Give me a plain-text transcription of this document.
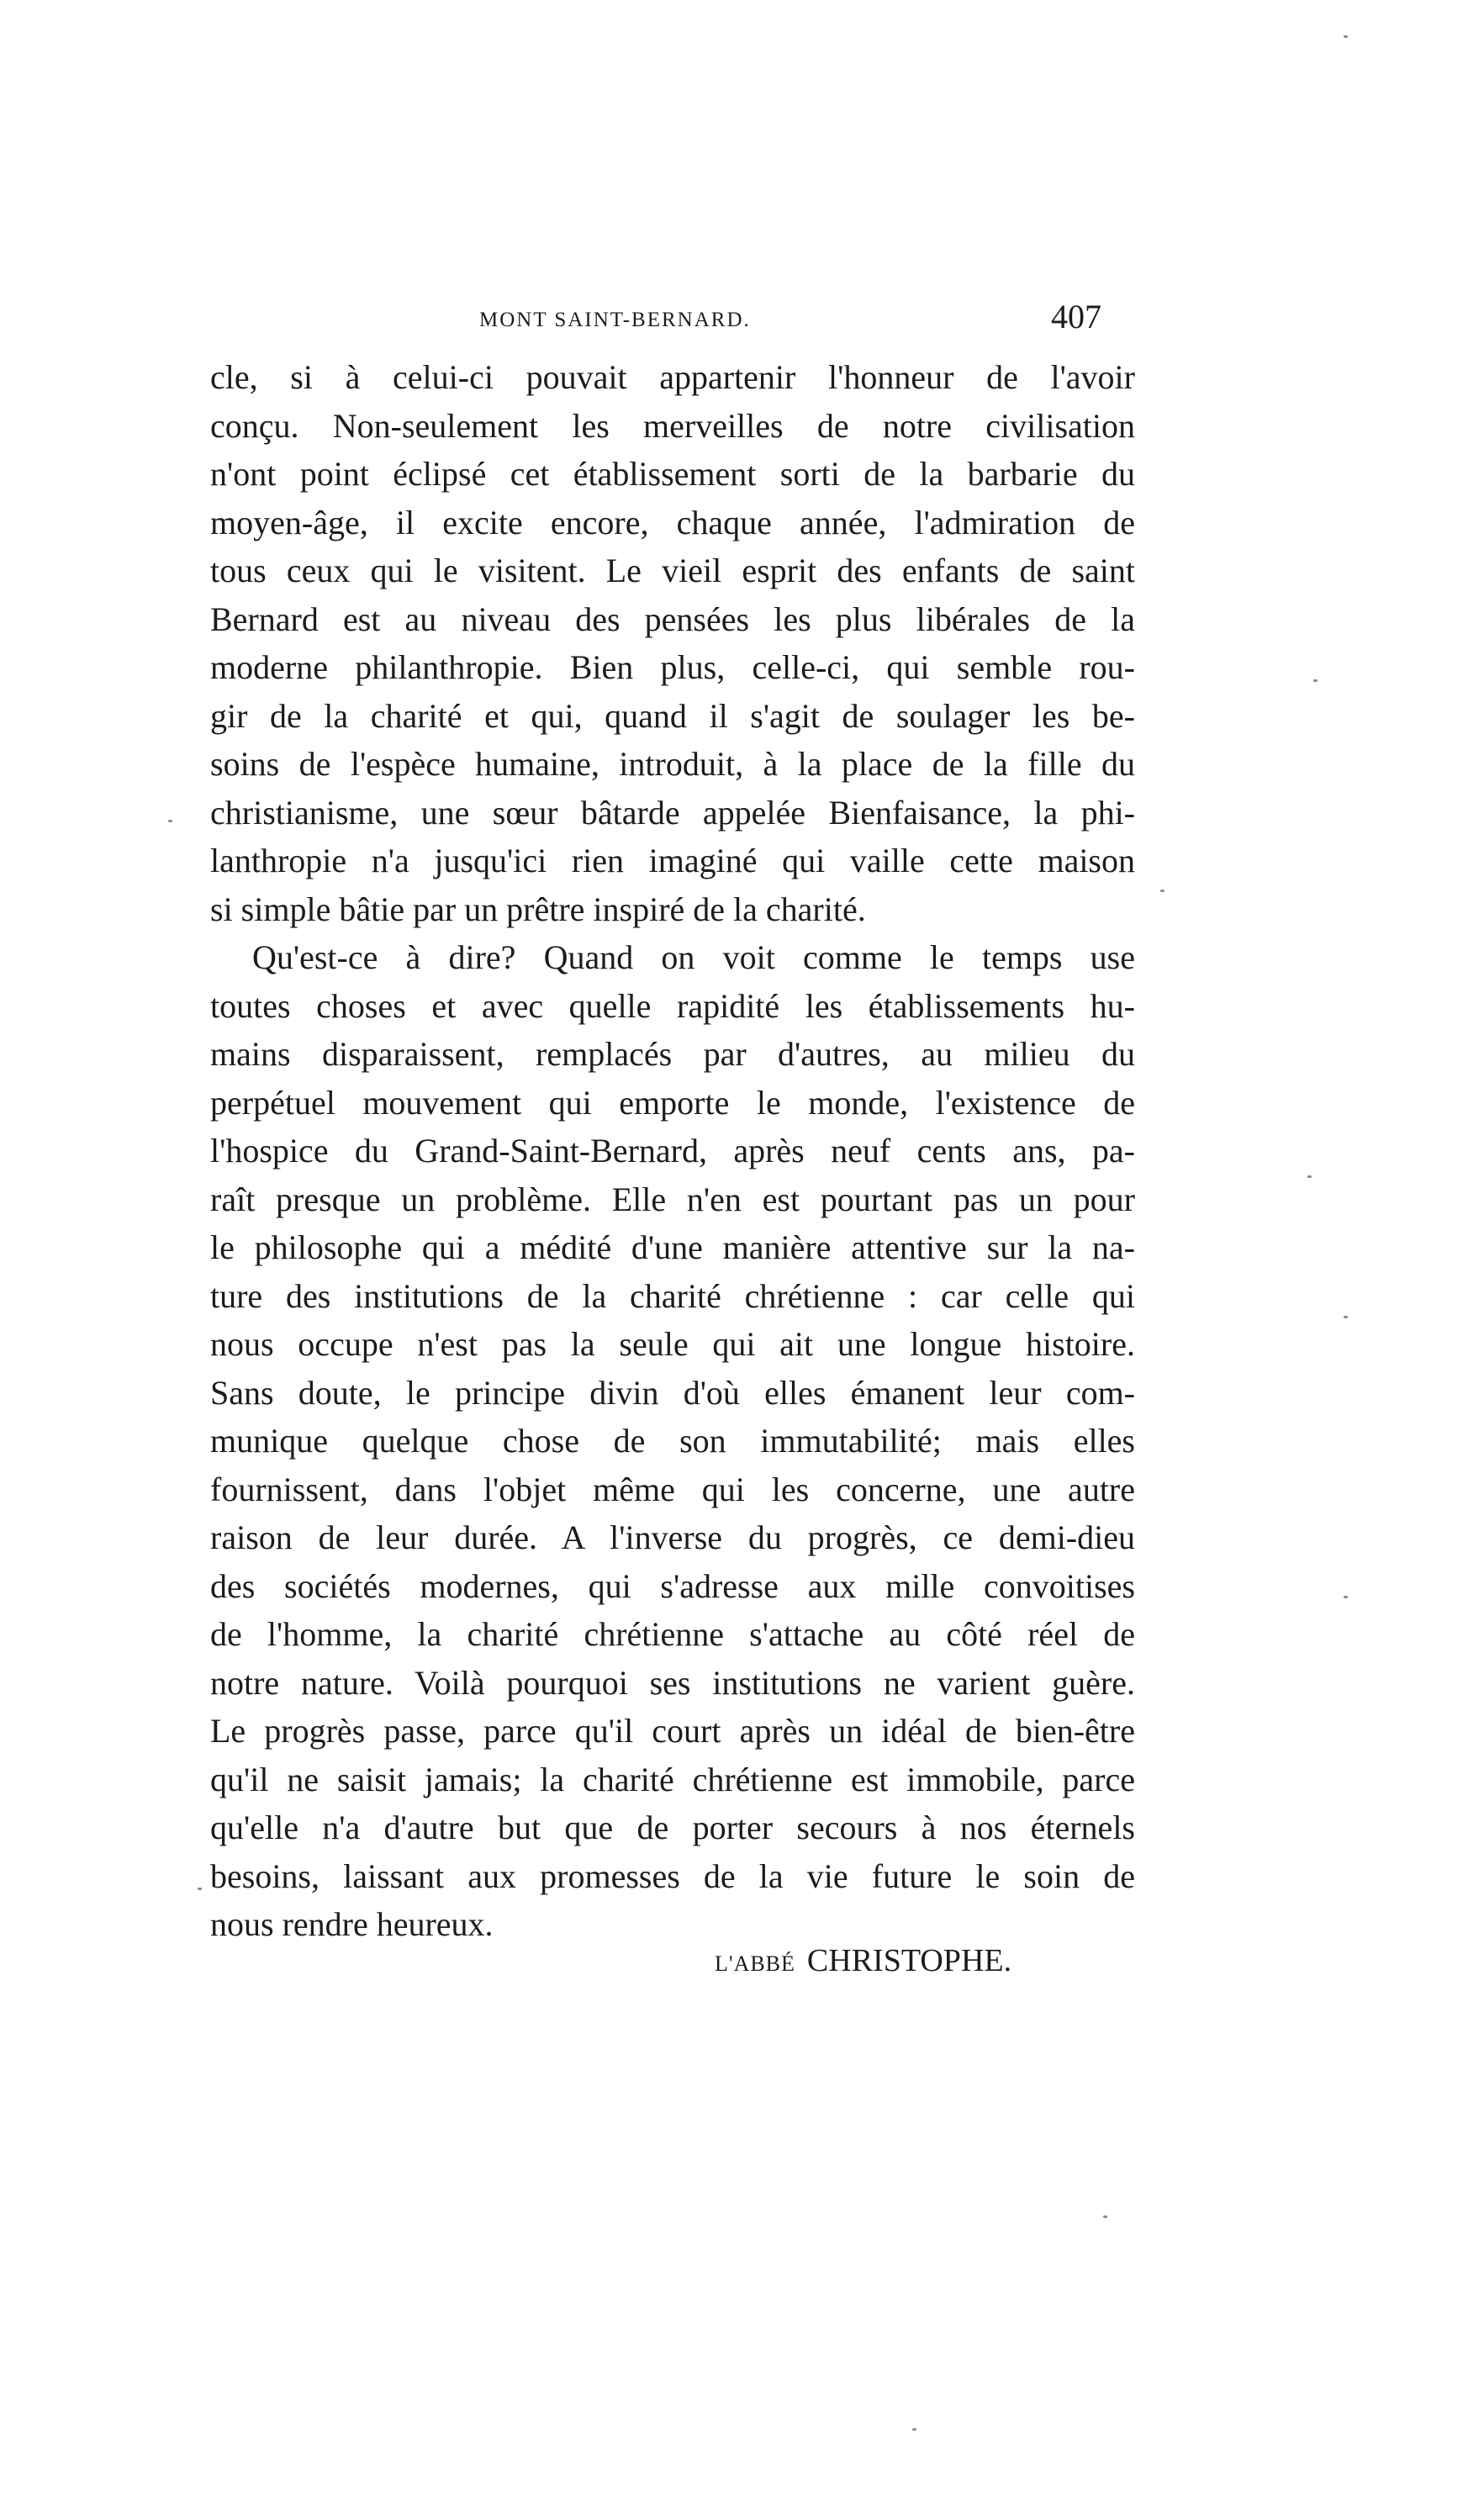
MONT SAINT-BERNARD.	407
cle, si à celui-ci pouvait appartenir l'honneur de l'avoir
conçu. Non-seulement les merveilles de notre civilisation
n'ont point éclipsé cet établissement sorti de la barbarie du
moyen-âge, il excite encore, chaque année, l'admiration de
tous ceux qui le visitent. Le vieil esprit des enfants de saint
Bernard est au niveau des pensées les plus libérales de la
moderne philanthropie. Bien plus, celle-ci, qui semble rou-
gir de la charité et qui, quand il s'agit de soulager les be-
soins de l'espèce humaine, introduit, à la place de la fille du
christianisme, une sœur bâtarde appelée Bienfaisance, la phi-
lanthropie n'a jusqu'ici rien imaginé qui vaille cette maison
si simple bâtie par un prêtre inspiré de la charité.
Qu'est-ce à dire? Quand on voit comme le temps use
toutes choses et avec quelle rapidité les établissements hu-
mains disparaissent, remplacés par d'autres, au milieu du
perpétuel mouvement qui emporte le monde, l'existence de
l'hospice du Grand-Saint-Bernard, après neuf cents ans, pa-
raît presque un problème. Elle n'en est pourtant pas un pour
le philosophe qui a médité d'une manière attentive sur la na-
ture des institutions de la charité chrétienne : car celle qui
nous occupe n'est pas la seule qui ait une longue histoire.
Sans doute, le principe divin d'où elles émanent leur com-
munique quelque chose de son immutabilité; mais elles
fournissent, dans l'objet même qui les concerne, une autre
raison de leur durée. A l'inverse du progrès, ce demi-dieu
des sociétés modernes, qui s'adresse aux mille convoitises
de l'homme, la charité chrétienne s'attache au côté réel de
notre nature. Voilà pourquoi ses institutions ne varient guère.
Le progrès passe, parce qu'il court après un idéal de bien-être
qu'il ne saisit jamais; la charité chrétienne est immobile, parce
qu'elle n'a d'autre but que de porter secours à nos éternels
besoins, laissant aux promesses de la vie future le soin de
nous rendre heureux.
L'ABBÉ CHRISTOPHE.
